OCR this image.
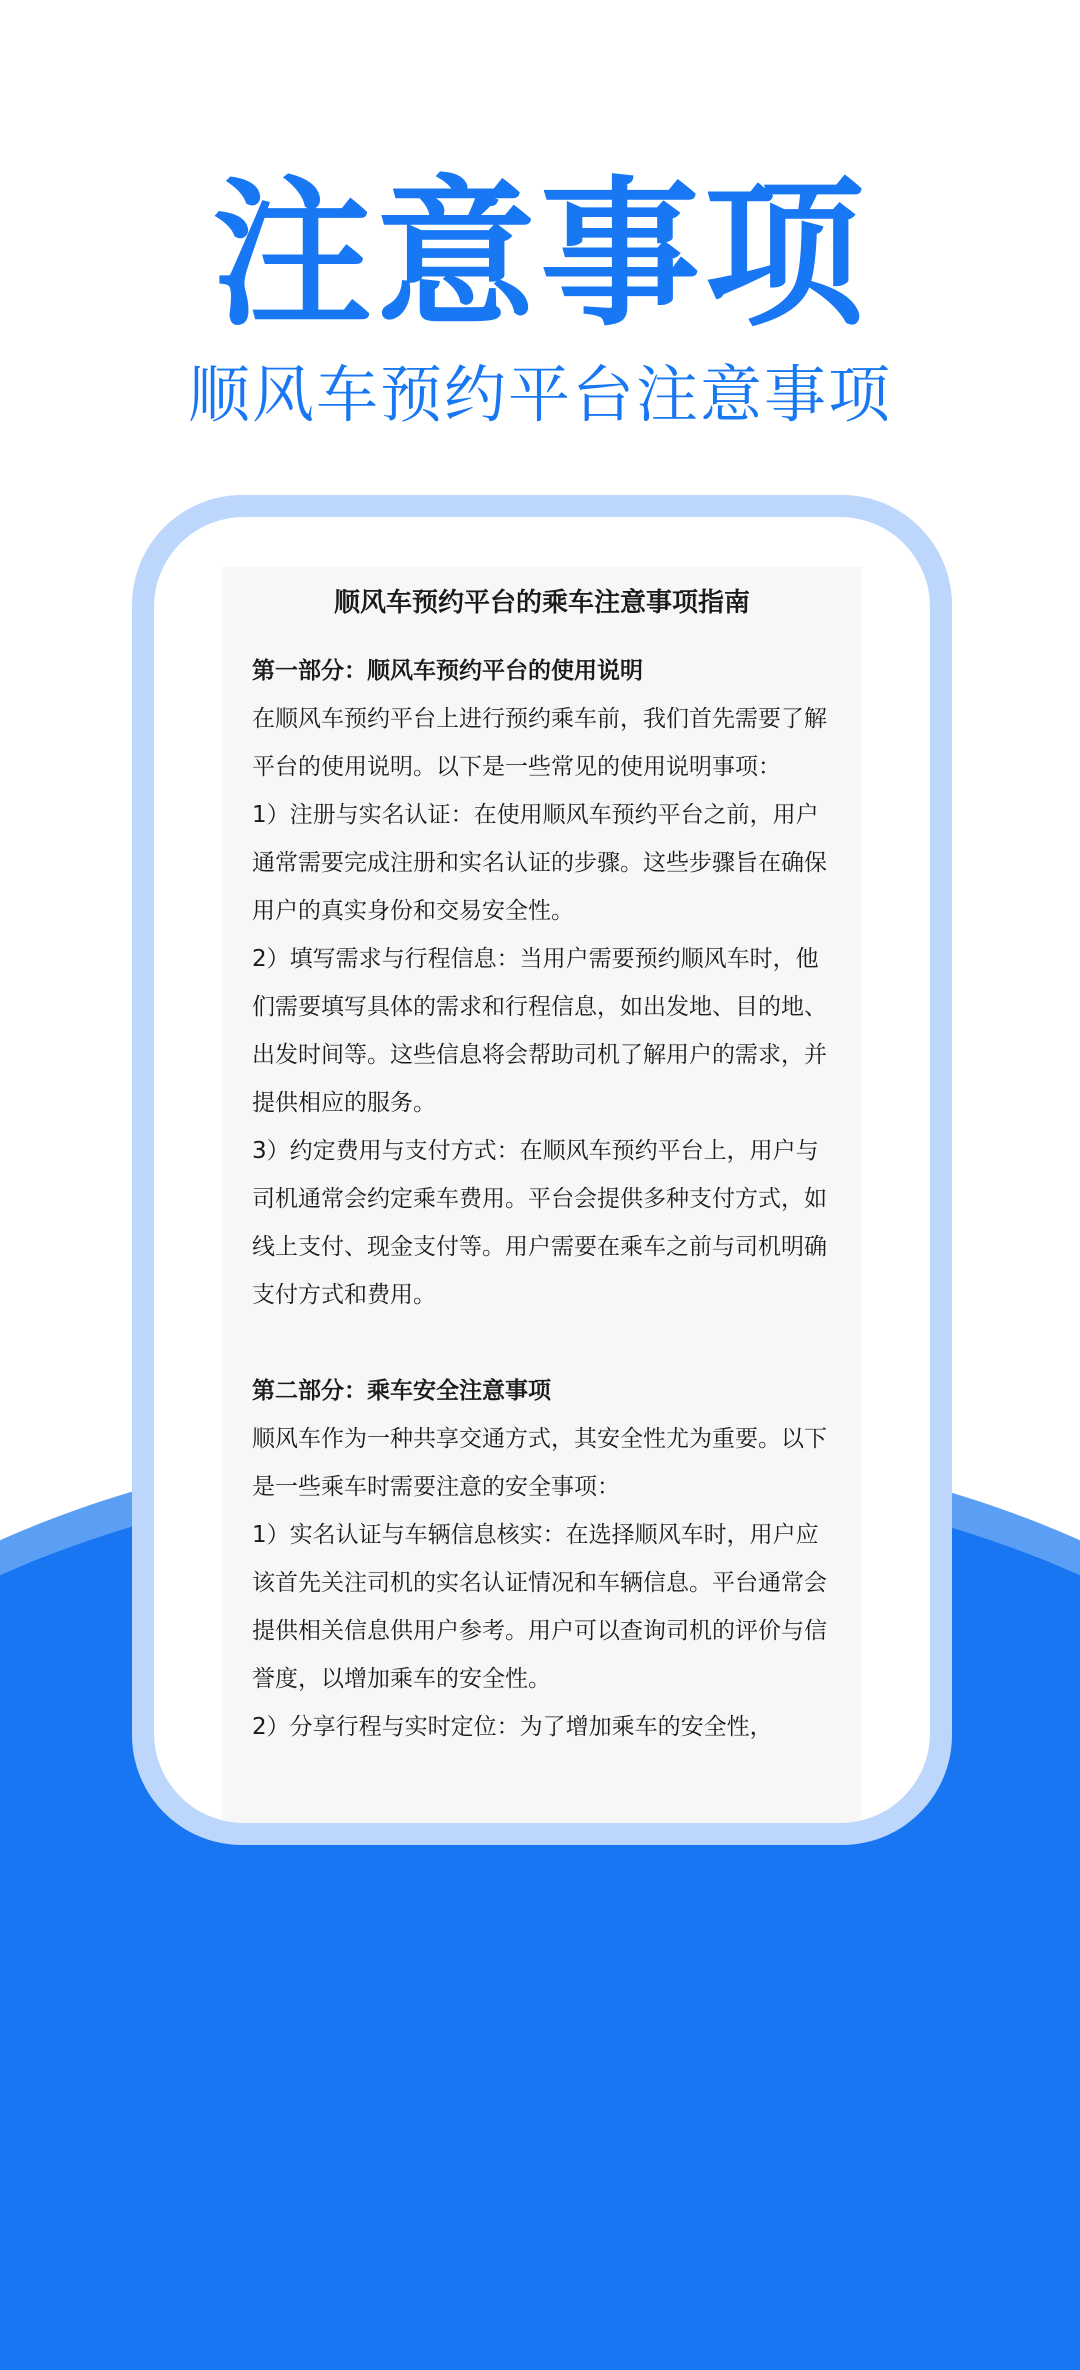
注意事项
顺风车预约平台注意事项
顺风车预约平台的乘车注意事项指南
第一部分：顺风车预约平台的使用说明
在顺风车预约平台上进行预约乘车前，我们首先需要了解平台的使用说明。以下是一些常见的使用说明事项：
1）注册与实名认证：在使用顺风车预约平台之前，用户通常需要完成注册和实名认证的步骤。这些步骤旨在确保用户的真实身份和交易安全性。
2）填写需求与行程信息：当用户需要预约顺风车时，他们需要填写具体的需求和行程信息，如出发地、目的地、出发时间等。这些信息将会帮助司机了解用户的需求，并提供相应的服务。
3）约定费用与支付方式：在顺风车预约平台上，用户与司机通常会约定乘车费用。平台会提供多种支付方式，如线上支付、现金支付等。用户需要在乘车之前与司机明确支付方式和费用。
第二部分：乘车安全注意事项
顺风车作为一种共享交通方式，其安全性尤为重要。以下是一些乘车时需要注意的安全事项：
1）实名认证与车辆信息核实：在选择顺风车时，用户应该首先关注司机的实名认证情况和车辆信息。平台通常会提供相关信息供用户参考。用户可以查询司机的评价与信誉度，以增加乘车的安全性。
2）分享行程与实时定位：为了增加乘车的安全性，
